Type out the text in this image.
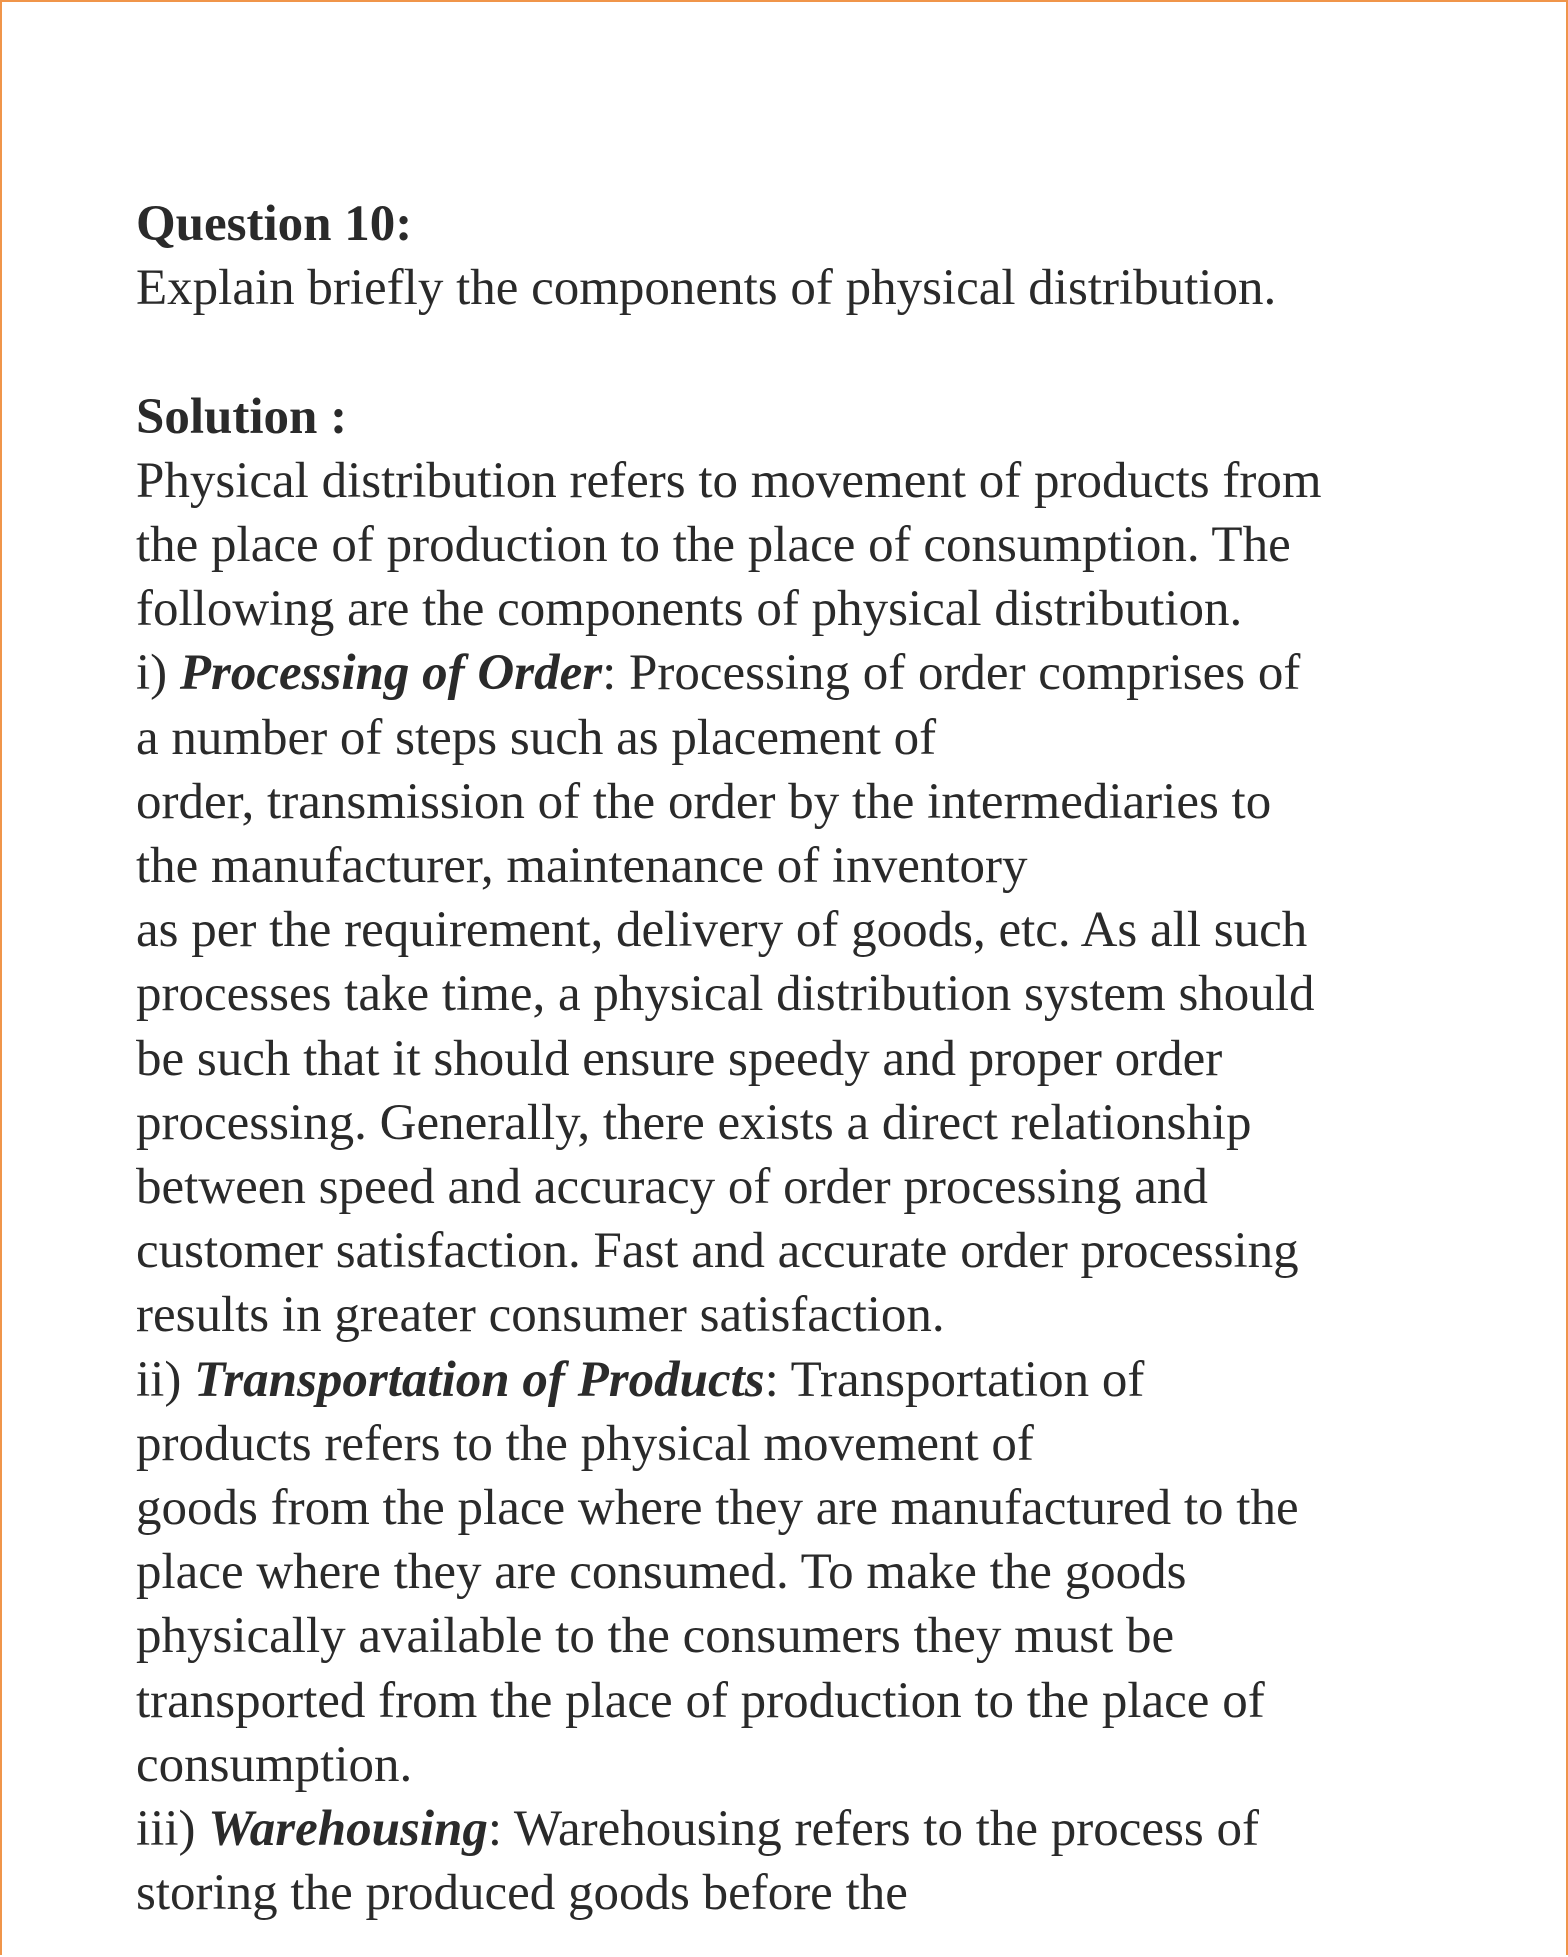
Question 10:
Explain briefly the components of physical distribution.
Solution :
Physical distribution refers to movement of products from
the place of production to the place of consumption. The
following are the components of physical distribution.
i) Processing of Order: Processing of order comprises of
a number of steps such as placement of
order, transmission of the order by the intermediaries to
the manufacturer, maintenance of inventory
as per the requirement, delivery of goods, etc. As all such
processes take time, a physical distribution system should
be such that it should ensure speedy and proper order
processing. Generally, there exists a direct relationship
between speed and accuracy of order processing and
customer satisfaction. Fast and accurate order processing
results in greater consumer satisfaction.
ii) Transportation of Products: Transportation of
products refers to the physical movement of
goods from the place where they are manufactured to the
place where they are consumed. To make the goods
physically available to the consumers they must be
transported from the place of production to the place of
consumption.
iii) Warehousing: Warehousing refers to the process of
storing the produced goods before the
